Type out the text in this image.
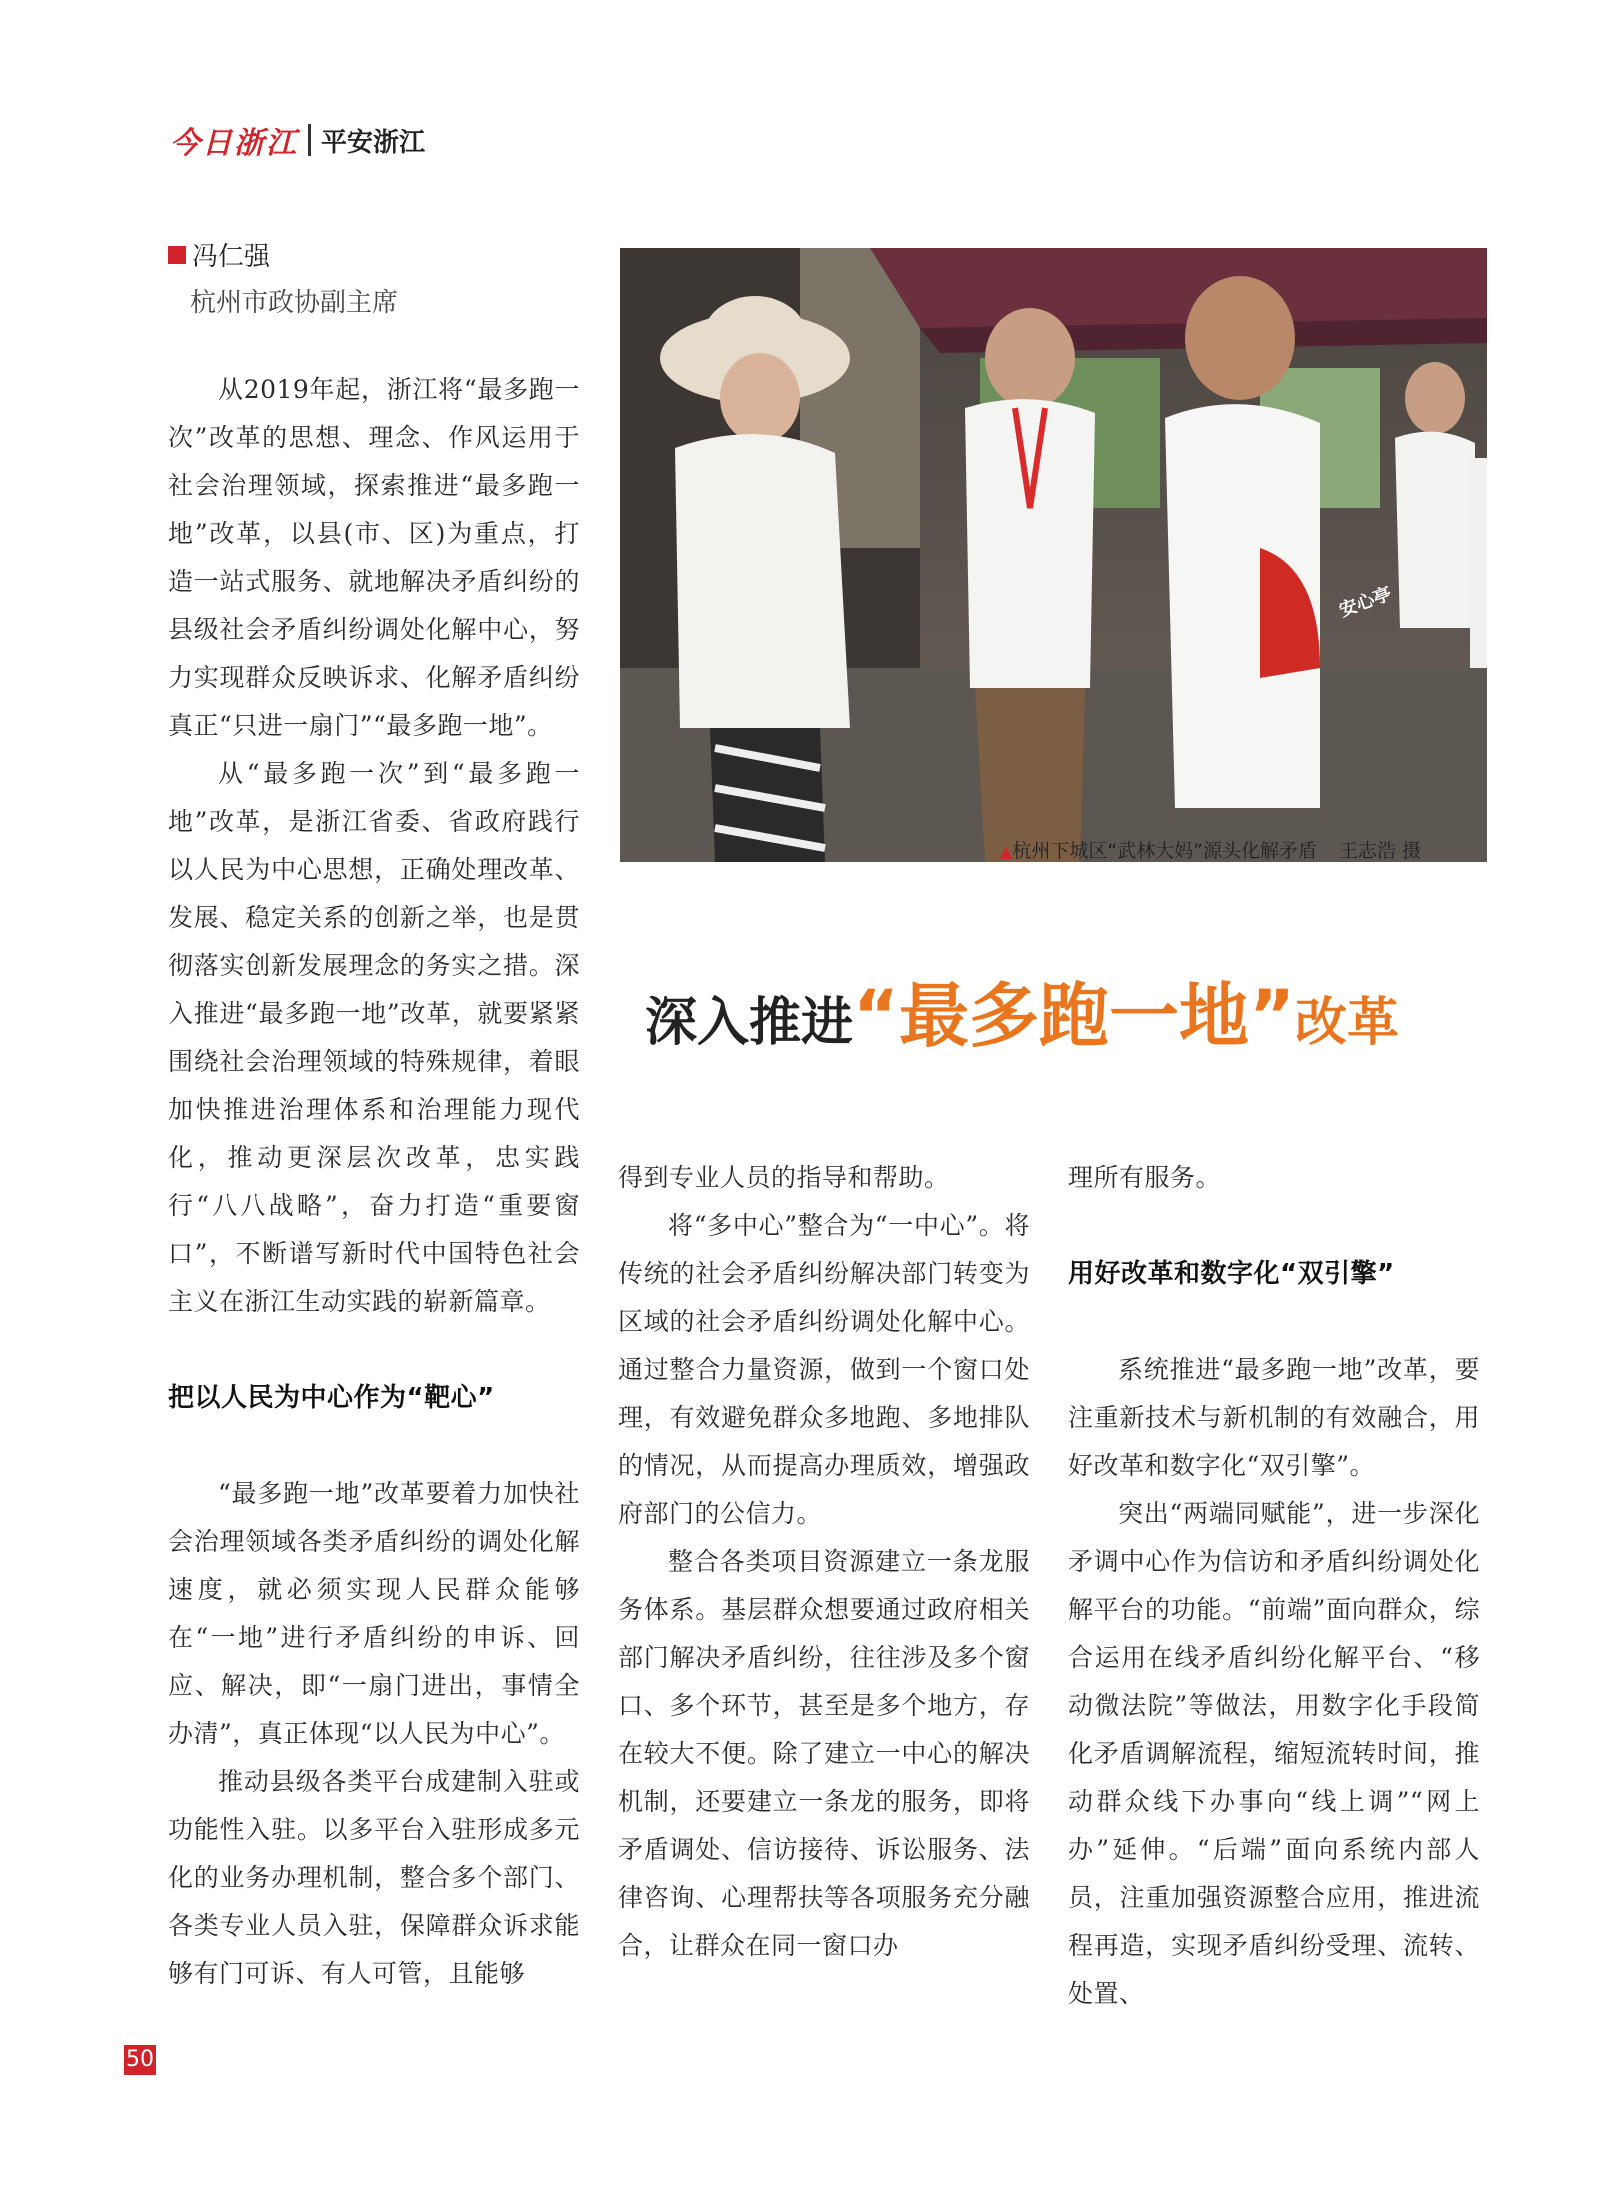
今日浙江 平安浙江
冯仁强
杭州市政协副主席

从2019年起，浙江将“最多跑一次”改革的思想、理念、作风运用于社会治理领域，探索推进“最多跑一地”改革，以县(市、区)为重点，打造一站式服务、就地解决矛盾纠纷的县级社会矛盾纠纷调处化解中心，努力实现群众反映诉求、化解矛盾纠纷真正“只进一扇门”“最多跑一地”。

从“最多跑一次”到“最多跑一地”改革，是浙江省委、省政府践行以人民为中心思想，正确处理改革、发展、稳定关系的创新之举，也是贯彻落实创新发展理念的务实之措。深入推进“最多跑一地”改革，就要紧紧围绕社会治理领域的特殊规律，着眼加快推进治理体系和治理能力现代化，推动更深层次改革，忠实践行“八八战略”，奋力打造“重要窗口”，不断谱写新时代中国特色社会主义在浙江生动实践的崭新篇章。

把以人民为中心作为“靶心”

“最多跑一地”改革要着力加快社会治理领域各类矛盾纠纷的调处化解速度，就必须实现人民群众能够在“一地”进行矛盾纠纷的申诉、回应、解决，即“一扇门进出，事情全办清”，真正体现“以人民为中心”。

推动县级各类平台成建制入驻或功能性入驻。以多平台入驻形成多元化的业务办理机制，整合多个部门、各类专业人员入驻，保障群众诉求能够有门可诉、有人可管，且能够

安心亭
▲杭州下城区“武林大妈”源头化解矛盾 王志浩 摄
深入推进“最多跑一地”改革

得到专业人员的指导和帮助。

将“多中心”整合为“一中心”。将传统的社会矛盾纠纷解决部门转变为区域的社会矛盾纠纷调处化解中心。通过整合力量资源，做到一个窗口处理，有效避免群众多地跑、多地排队的情况，从而提高办理质效，增强政府部门的公信力。

整合各类项目资源建立一条龙服务体系。基层群众想要通过政府相关部门解决矛盾纠纷，往往涉及多个窗口、多个环节，甚至是多个地方，存在较大不便。除了建立一中心的解决机制，还要建立一条龙的服务，即将矛盾调处、信访接待、诉讼服务、法律咨询、心理帮扶等各项服务充分融合，让群众在同一窗口办

理所有服务。

用好改革和数字化“双引擎”

系统推进“最多跑一地”改革，要注重新技术与新机制的有效融合，用好改革和数字化“双引擎”。

突出“两端同赋能”，进一步深化矛调中心作为信访和矛盾纠纷调处化解平台的功能。“前端”面向群众，综合运用在线矛盾纠纷化解平台、“移动微法院”等做法，用数字化手段简化矛盾调解流程，缩短流转时间，推动群众线下办事向“线上调”“网上办”延伸。“后端”面向系统内部人员，注重加强资源整合应用，推进流程再造，实现矛盾纠纷受理、流转、处置、

50
